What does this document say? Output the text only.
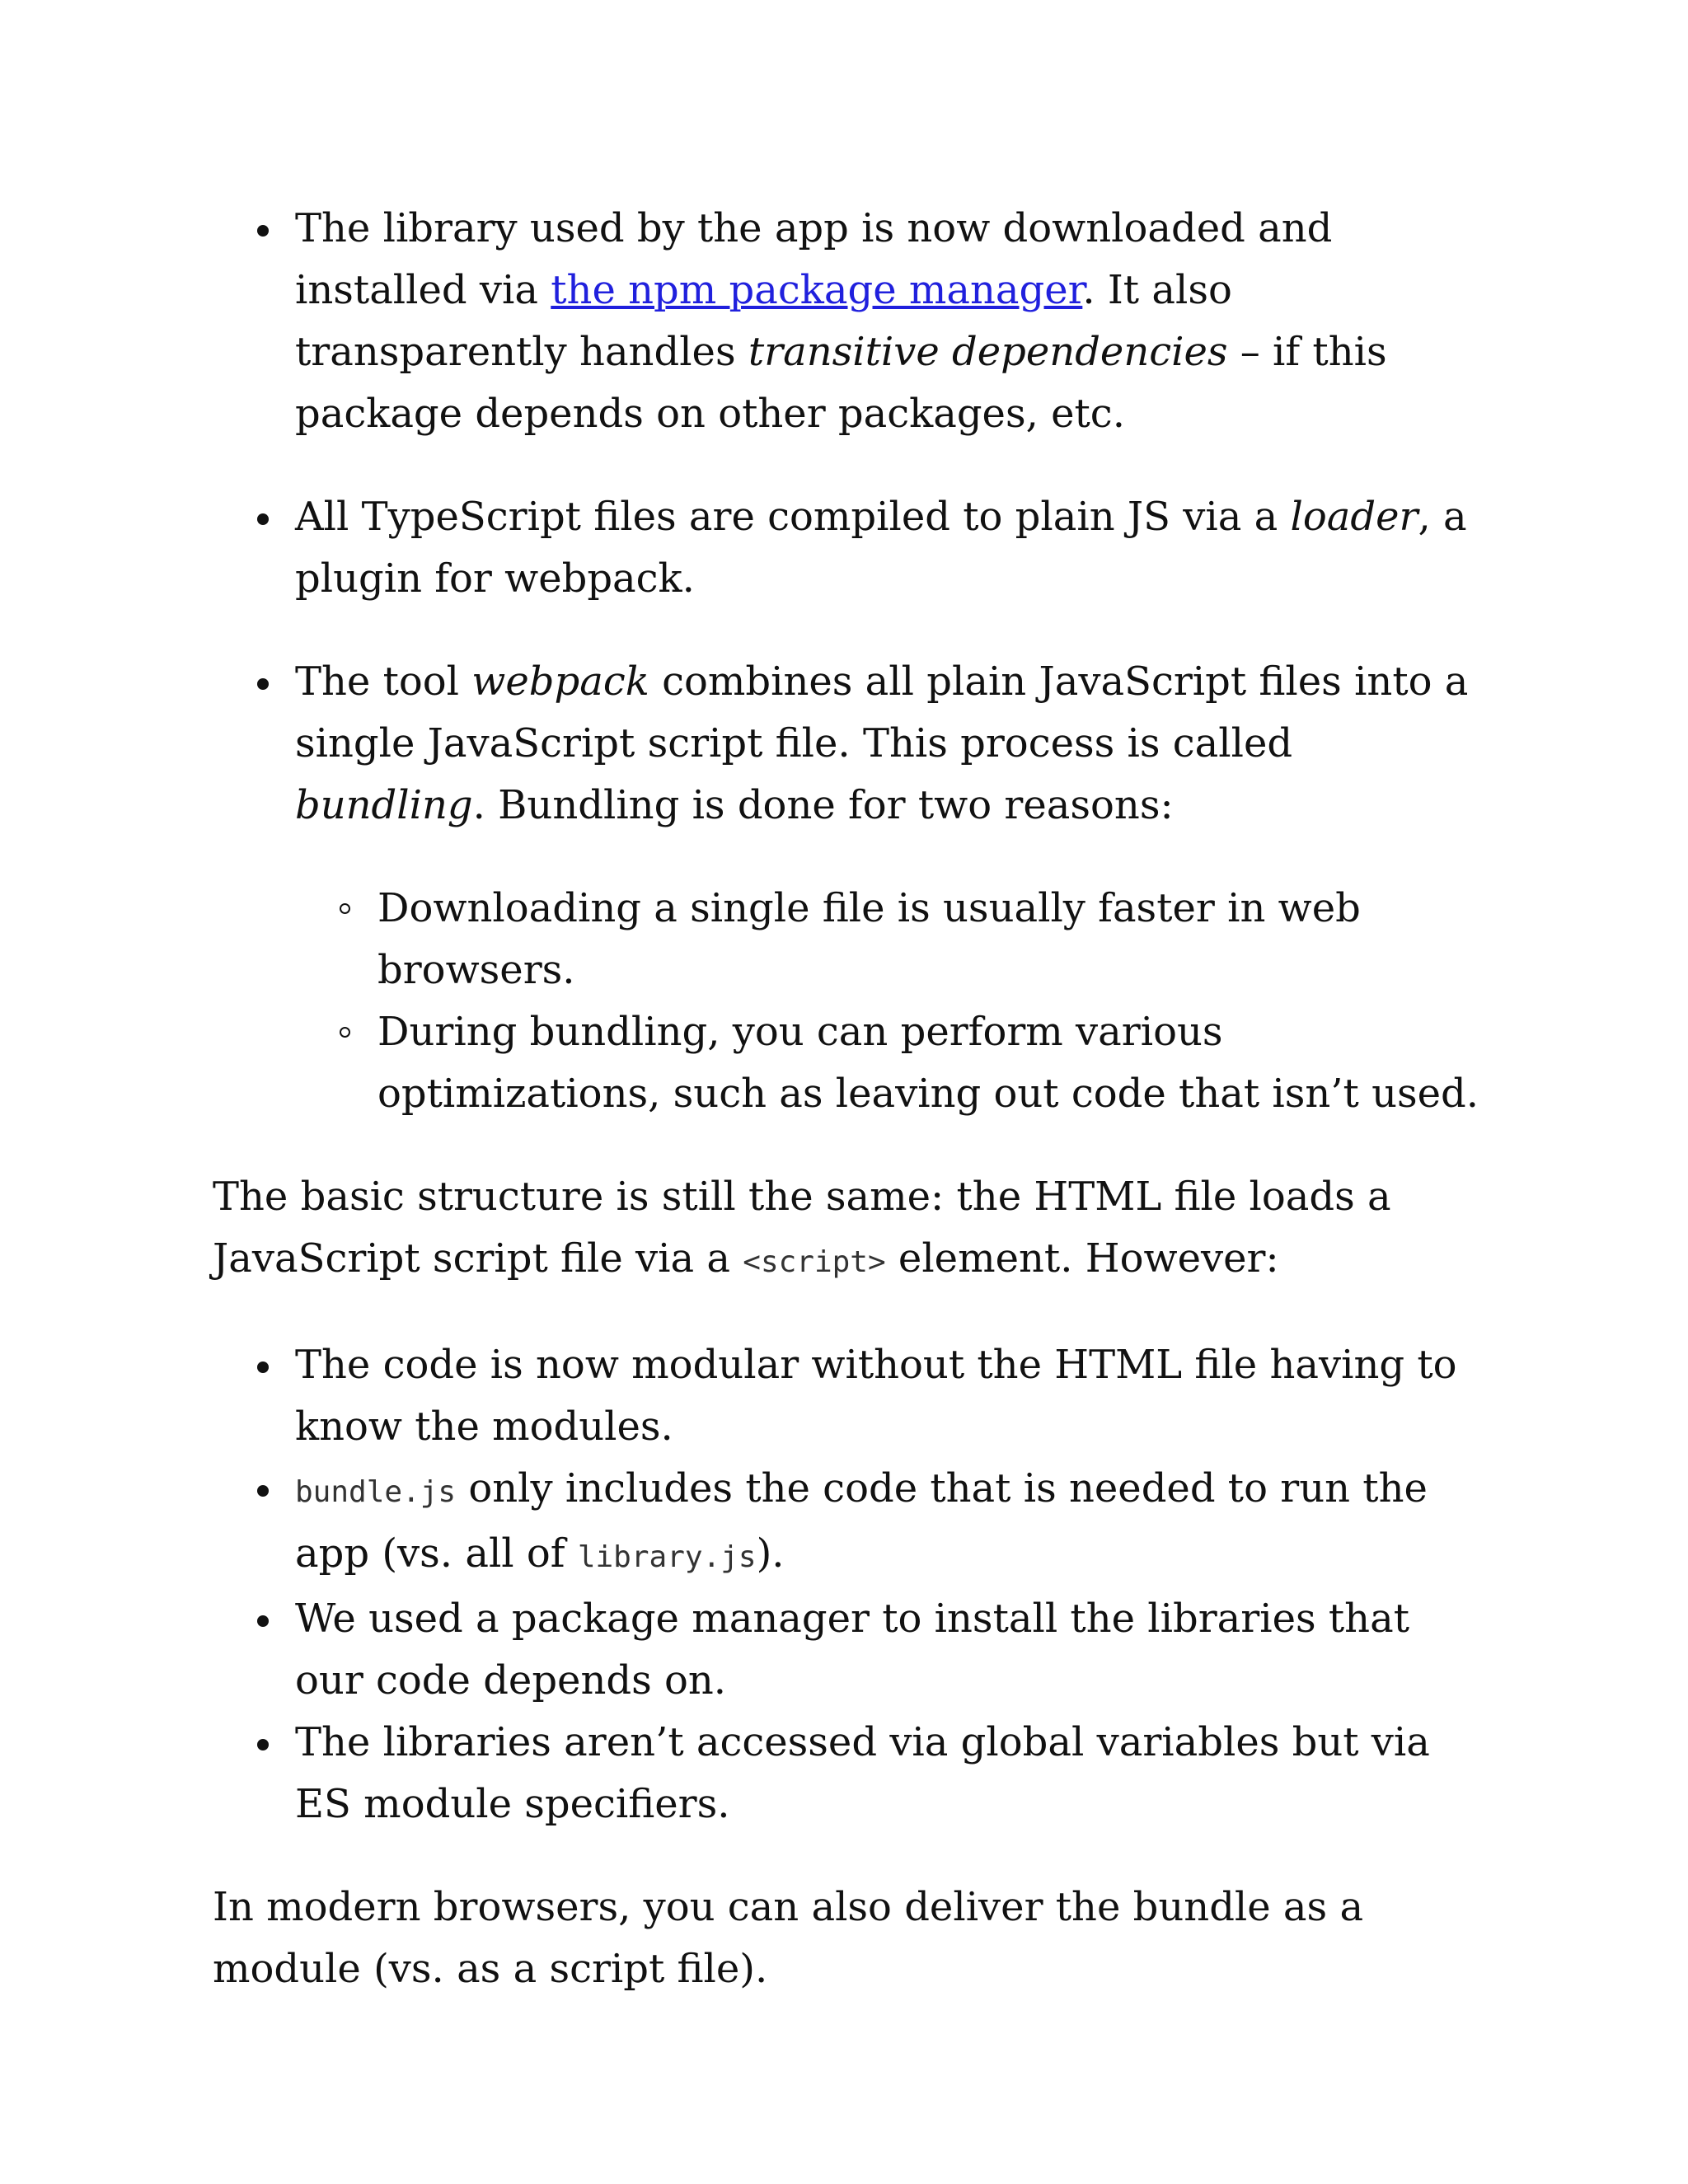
The library used by the app is now downloaded and installed via the npm package manager. It also transparently handles transitive dependencies – if this package depends on other packages, etc.
All TypeScript files are compiled to plain JS via a loader, a plugin for webpack.
The tool webpack combines all plain JavaScript files into a single JavaScript script file. This process is called bundling. Bundling is done for two reasons:
Downloading a single file is usually faster in web browsers.
During bundling, you can perform various optimizations, such as leaving out code that isn’t used.

The basic structure is still the same: the HTML file loads a JavaScript script file via a <script> element. However:

The code is now modular without the HTML file having to know the modules.
bundle.js only includes the code that is needed to run the app (vs. all of library.js).
We used a package manager to install the libraries that our code depends on.
The libraries aren’t accessed via global variables but via ES module specifiers.

In modern browsers, you can also deliver the bundle as a module (vs. as a script file).
